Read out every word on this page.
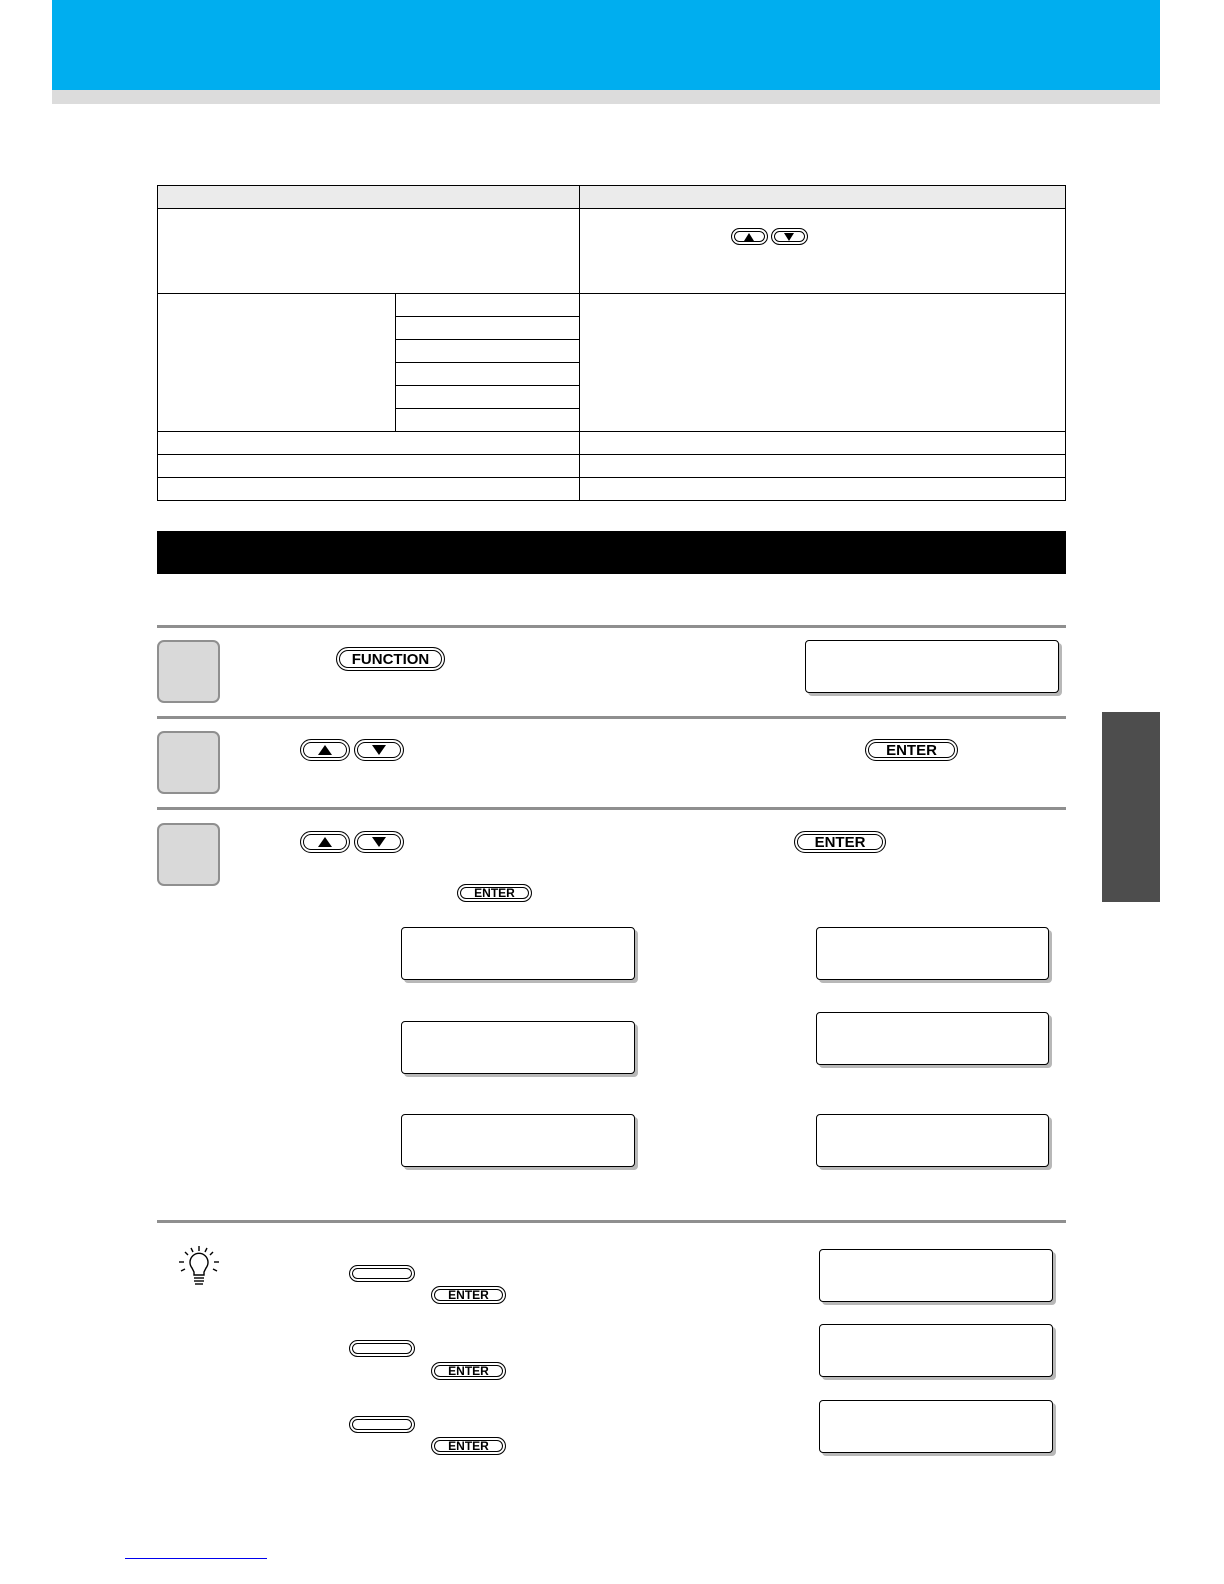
FUNCTION
ENTER
ENTER
ENTER
ENTER
ENTER
ENTER
